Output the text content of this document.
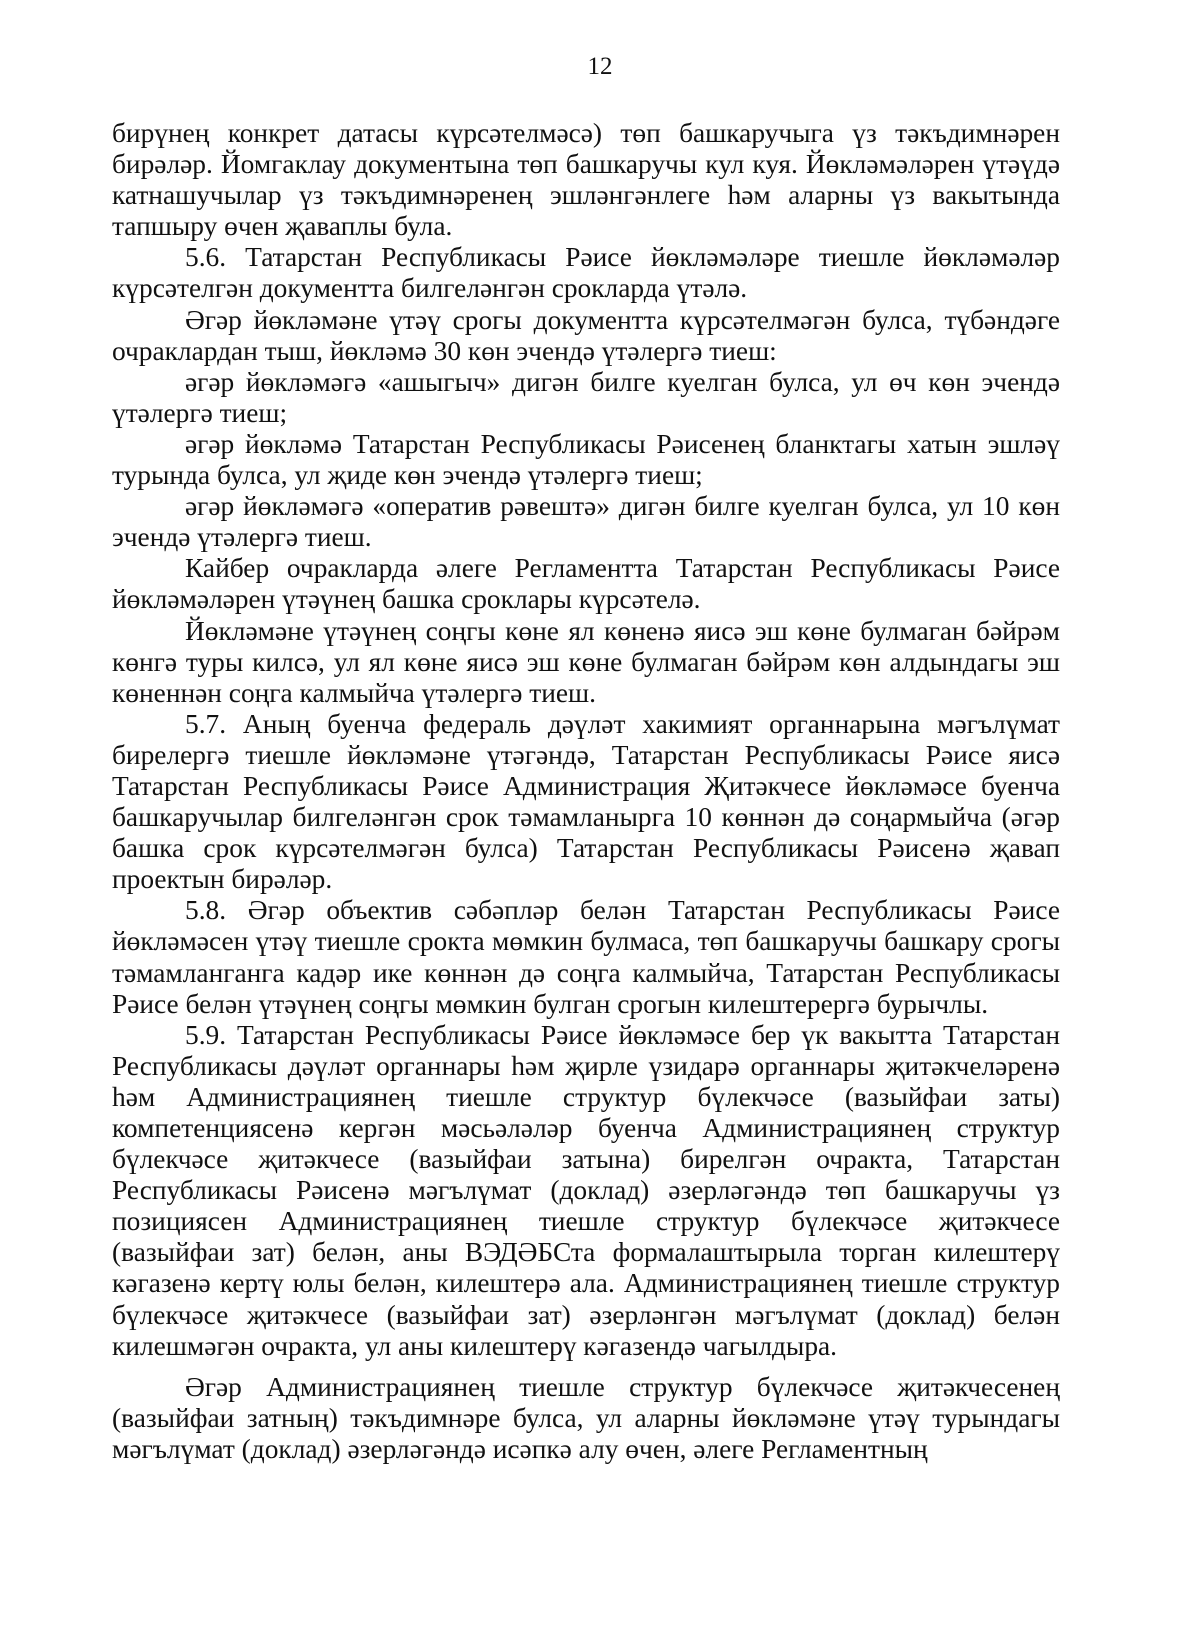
12

бирүнең конкрет датасы күрсәтелмәсә) төп башкаручыга үз тәкъдимнәрен бирәләр. Йомгаклау документына төп башкаручы кул куя. Йөкләмәләрен үтәүдә катнашучылар үз тәкъдимнәренең эшләнгәнлеге һәм аларны үз вакытында тапшыру өчен җаваплы була.

5.6. Татарстан Республикасы Рәисе йөкләмәләре тиешле йөкләмәләр күрсәтелгән документта билгеләнгән срокларда үтәлә.

Әгәр йөкләмәне үтәү срогы документта күрсәтелмәгән булса, түбәндәге очраклардан тыш, йөкләмә 30 көн эчендә үтәлергә тиеш:

әгәр йөкләмәгә «ашыгыч» дигән билге куелган булса, ул өч көн эчендә үтәлергә тиеш;

әгәр йөкләмә Татарстан Республикасы Рәисенең бланктагы хатын эшләү турында булса, ул җиде көн эчендә үтәлергә тиеш;

әгәр йөкләмәгә «оператив рәвештә» дигән билге куелган булса, ул 10 көн эчендә үтәлергә тиеш.

Кайбер очракларда әлеге Регламентта Татарстан Республикасы Рәисе йөкләмәләрен үтәүнең башка сроклары күрсәтелә.

Йөкләмәне үтәүнең соңгы көне ял көненә яисә эш көне булмаган бәйрәм көнгә туры килсә, ул ял көне яисә эш көне булмаган бәйрәм көн алдындагы эш көненнән соңга калмыйча үтәлергә тиеш.

5.7. Аның буенча федераль дәүләт хакимият органнарына мәгълүмат бирелергә тиешле йөкләмәне үтәгәндә, Татарстан Республикасы Рәисе яисә Татарстан Республикасы Рәисе Администрация Җитәкчесе йөкләмәсе буенча башкаручылар билгеләнгән срок тәмамланырга 10 көннән дә соңармыйча (әгәр башка срок күрсәтелмәгән булса) Татарстан Республикасы Рәисенә җавап проектын бирәләр.

5.8. Әгәр объектив сәбәпләр белән Татарстан Республикасы Рәисе йөкләмәсен үтәү тиешле срокта мөмкин булмаса, төп башкаручы башкару срогы тәмамланганга кадәр ике көннән дә соңга калмыйча, Татарстан Республикасы Рәисе белән үтәүнең соңгы мөмкин булган срогын килештерергә бурычлы.

5.9. Татарстан Республикасы Рәисе йөкләмәсе бер үк вакытта Татарстан Республикасы дәүләт органнары һәм җирле үзидарә органнары җитәкчеләренә һәм Администрациянең тиешле структур бүлекчәсе (вазыйфаи заты) компетенциясенә кергән мәсьәләләр буенча Администрациянең структур бүлекчәсе җитәкчесе (вазыйфаи затына) бирелгән очракта, Татарстан Республикасы Рәисенә мәгълүмат (доклад) әзерләгәндә төп башкаручы үз позициясен Администрациянең тиешле структур бүлекчәсе җитәкчесе (вазыйфаи зат) белән, аны ВЭДӘБСта формалаштырыла торган килештерү кәгазенә кертү юлы белән, килештерә ала. Администрациянең тиешле структур бүлекчәсе җитәкчесе (вазыйфаи зат) әзерләнгән мәгълүмат (доклад) белән килешмәгән очракта, ул аны килештерү кәгазендә чагылдыра.

Әгәр Администрациянең тиешле структур бүлекчәсе җитәкчесенең (вазыйфаи затның) тәкъдимнәре булса, ул аларны йөкләмәне үтәү турындагы мәгълүмат (доклад) әзерләгәндә исәпкә алу өчен, әлеге Регламентның
